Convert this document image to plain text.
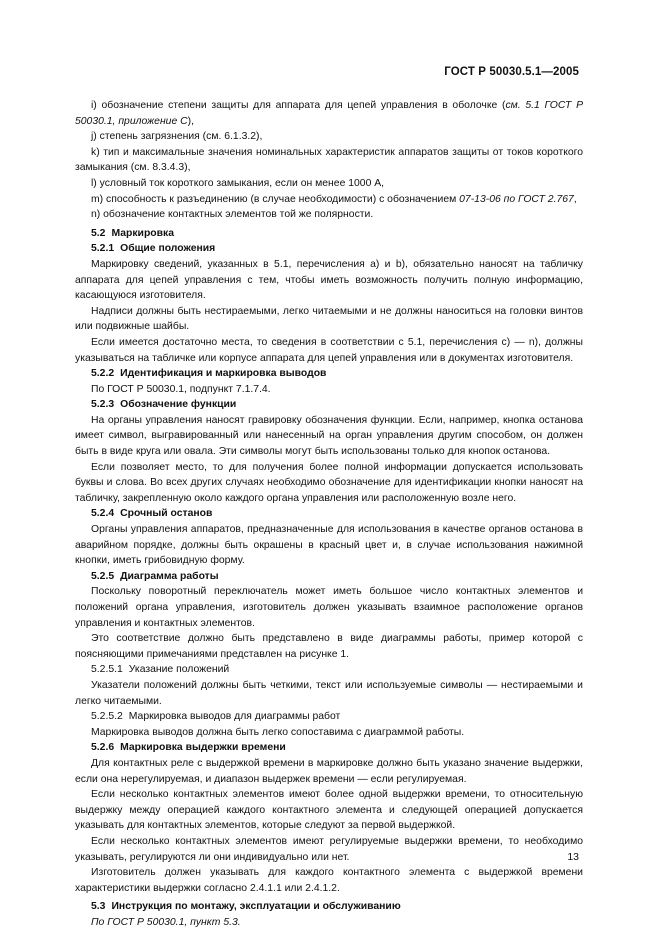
ГОСТ Р 50030.5.1—2005

i) обозначение степени защиты для аппарата для цепей управления в оболочке (см. 5.1 ГОСТ Р 50030.1, приложение С),

j) степень загрязнения (см. 6.1.3.2),

k) тип и максимальные значения номинальных характеристик аппаратов защиты от токов короткого замыкания (см. 8.3.4.3),

l) условный ток короткого замыкания, если он менее 1000 А,

m) способность к разъединению (в случае необходимости) с обозначением 07-13-06 по ГОСТ 2.767,

n) обозначение контактных элементов той же полярности.

5.2 Маркировка

5.2.1 Общие положения

Маркировку сведений, указанных в 5.1, перечисления a) и b), обязательно наносят на табличку аппарата для цепей управления с тем, чтобы иметь возможность получить полную информацию, касающуюся изготовителя.

Надписи должны быть нестираемыми, легко читаемыми и не должны наноситься на головки винтов или подвижные шайбы.

Если имеется достаточно места, то сведения в соответствии с 5.1, перечисления c) — n), должны указываться на табличке или корпусе аппарата для цепей управления или в документах изготовителя.

5.2.2 Идентификация и маркировка выводов

По ГОСТ Р 50030.1, подпункт 7.1.7.4.

5.2.3 Обозначение функции

На органы управления наносят гравировку обозначения функции. Если, например, кнопка останова имеет символ, выгравированный или нанесенный на орган управления другим способом, он должен быть в виде круга или овала. Эти символы могут быть использованы только для кнопок останова.

Если позволяет место, то для получения более полной информации допускается использовать буквы и слова. Во всех других случаях необходимо обозначение для идентификации кнопки наносят на табличку, закрепленную около каждого органа управления или расположенную возле него.

5.2.4 Срочный останов

Органы управления аппаратов, предназначенные для использования в качестве органов останова в аварийном порядке, должны быть окрашены в красный цвет и, в случае использования нажимной кнопки, иметь грибовидную форму.

5.2.5 Диаграмма работы

Поскольку поворотный переключатель может иметь большое число контактных элементов и положений органа управления, изготовитель должен указывать взаимное расположение органов управления и контактных элементов.

Это соответствие должно быть представлено в виде диаграммы работы, пример которой с поясняющими примечаниями представлен на рисунке 1.

5.2.5.1 Указание положений

Указатели положений должны быть четкими, текст или используемые символы — нестираемыми и легко читаемыми.

5.2.5.2 Маркировка выводов для диаграммы работ

Маркировка выводов должна быть легко сопоставима с диаграммой работы.

5.2.6 Маркировка выдержки времени

Для контактных реле с выдержкой времени в маркировке должно быть указано значение выдержки, если она нерегулируемая, и диапазон выдержек времени — если регулируемая.

Если несколько контактных элементов имеют более одной выдержки времени, то относительную выдержку между операцией каждого контактного элемента и следующей операцией допускается указывать для контактных элементов, которые следуют за первой выдержкой.

Если несколько контактных элементов имеют регулируемые выдержки времени, то необходимо указывать, регулируются ли они индивидуально или нет.

Изготовитель должен указывать для каждого контактного элемента с выдержкой времени характеристики выдержки согласно 2.4.1.1 или 2.4.1.2.

5.3 Инструкция по монтажу, эксплуатации и обслуживанию

По ГОСТ Р 50030.1, пункт 5.3.

13
